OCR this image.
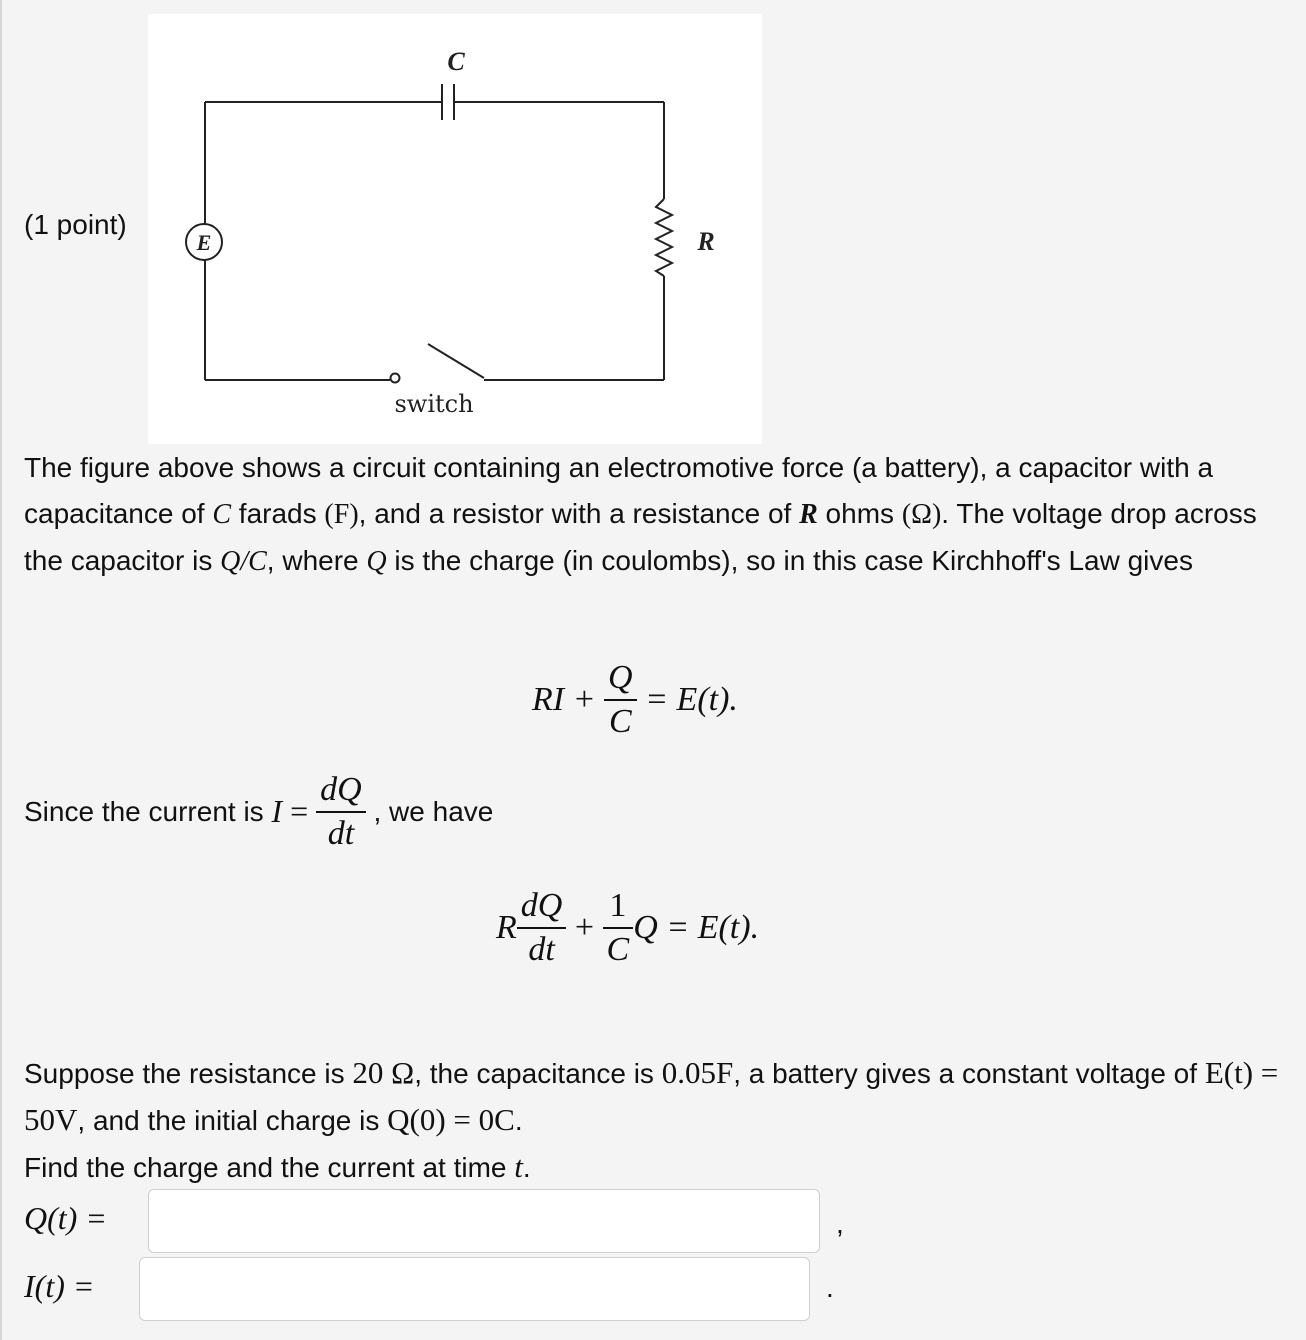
(1 point)
C
E	R
switch
The figure above shows a circuit containing an electromotive force (a battery), a capacitor with a capacitance of C farads (F), and a resistor with a resistance of R ohms (Ω). The voltage drop across the capacitor is Q/C, where Q is the charge (in coulombs), so in this case Kirchhoff's Law gives
RI + $\frac{Q}{C} = E(t)$.
Since the current is $I = \frac{dQ}{dt}$ , we have
R $\frac{dQ}{dt} + \frac{1}{C}$ Q = E(t).
Suppose the resistance is 20 Ω, the capacitance is 0.05F, a battery gives a constant voltage of E(t) = 50V, and the initial charge is Q(0) = 0C.
Find the charge and the current at time t.
Q(t) =	,
I(t) =	.
